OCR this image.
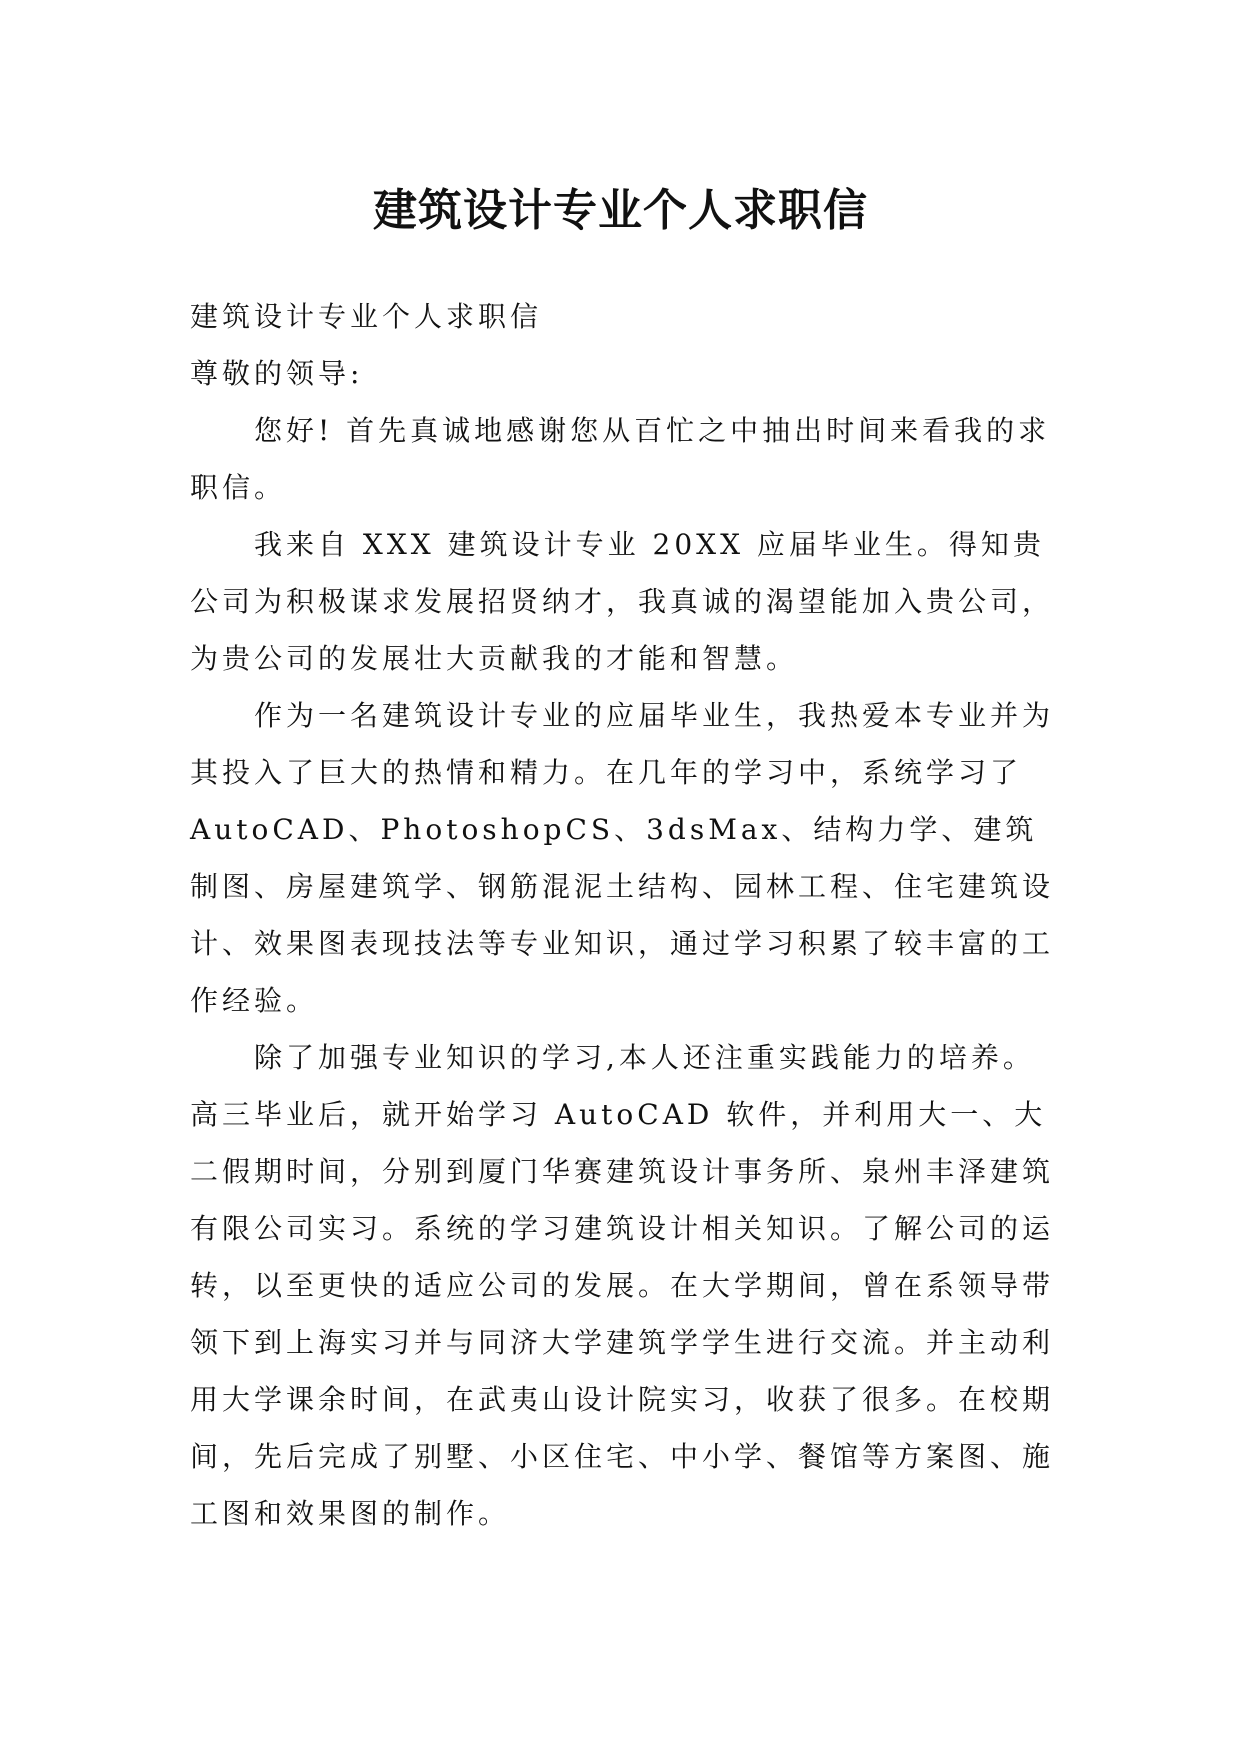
建筑设计专业个人求职信

建筑设计专业个人求职信

尊敬的领导:

您好! 首先真诚地感谢您从百忙之中抽出时间来看我的求职信。

我来自 XXX 建筑设计专业 20XX 应届毕业生。得知贵公司为积极谋求发展招贤纳才，我真诚的渴望能加入贵公司，为贵公司的发展壮大贡献我的才能和智慧。

作为一名建筑设计专业的应届毕业生，我热爱本专业并为其投入了巨大的热情和精力。在几年的学习中，系统学习了 AutoCAD、PhotoshopCS、3dsMax、结构力学、建筑制图、房屋建筑学、钢筋混泥土结构、园林工程、住宅建筑设计、效果图表现技法等专业知识，通过学习积累了较丰富的工作经验。

除了加强专业知识的学习,本人还注重实践能力的培养。高三毕业后，就开始学习 AutoCAD 软件，并利用大一、大二假期时间，分别到厦门华赛建筑设计事务所、泉州丰泽建筑有限公司实习。系统的学习建筑设计相关知识。了解公司的运转，以至更快的适应公司的发展。在大学期间，曾在系领导带领下到上海实习并与同济大学建筑学学生进行交流。并主动利用大学课余时间，在武夷山设计院实习，收获了很多。在校期间，先后完成了别墅、小区住宅、中小学、餐馆等方案图、施工图和效果图的制作。
